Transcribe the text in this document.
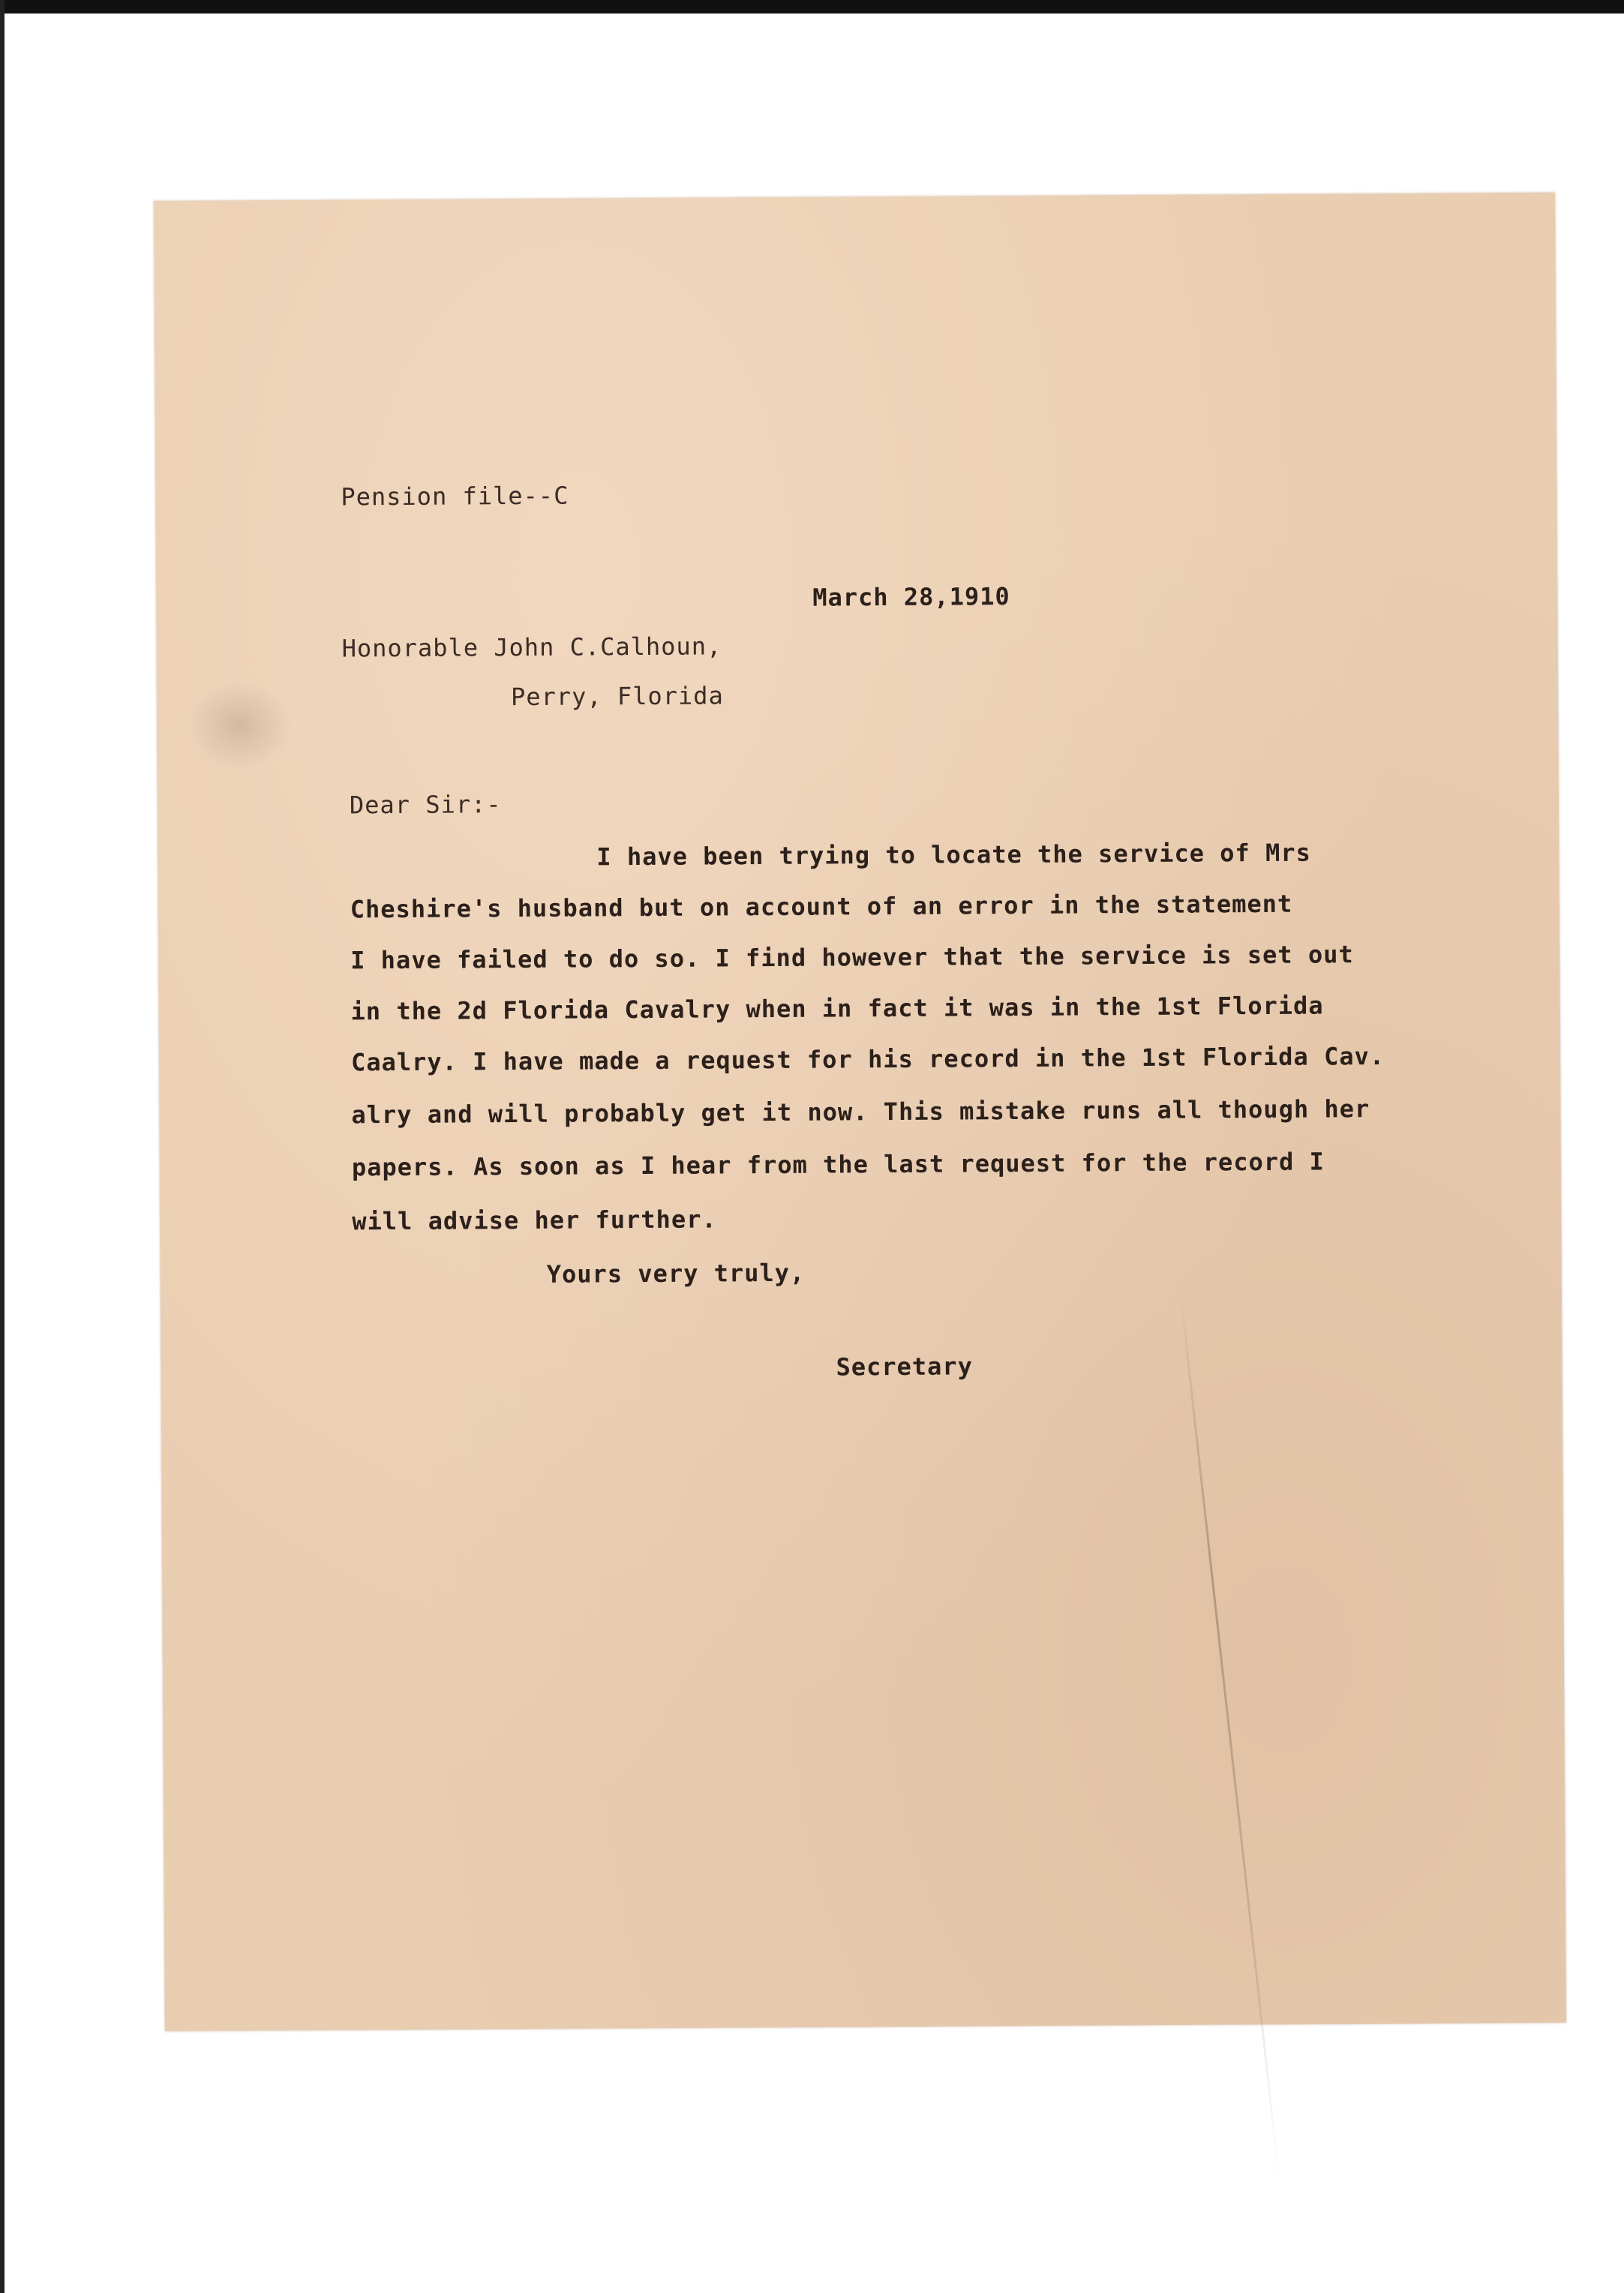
Pension file--C

March 28,1910

Honorable John C.Calhoun,

Perry, Florida

Dear Sir:-

I have been trying to locate the service of Mrs

Cheshire's husband but on account of an error in the statement

I have failed to do so. I find however that the service is set out

in the 2d Florida Cavalry when in fact it was in the 1st Florida

Caalry. I have made a request for his record in the 1st Florida Cav.

alry and will probably get it now. This mistake runs all though her

papers. As soon as I hear from the last request for the record I

will advise her further.

Yours very truly,

Secretary
